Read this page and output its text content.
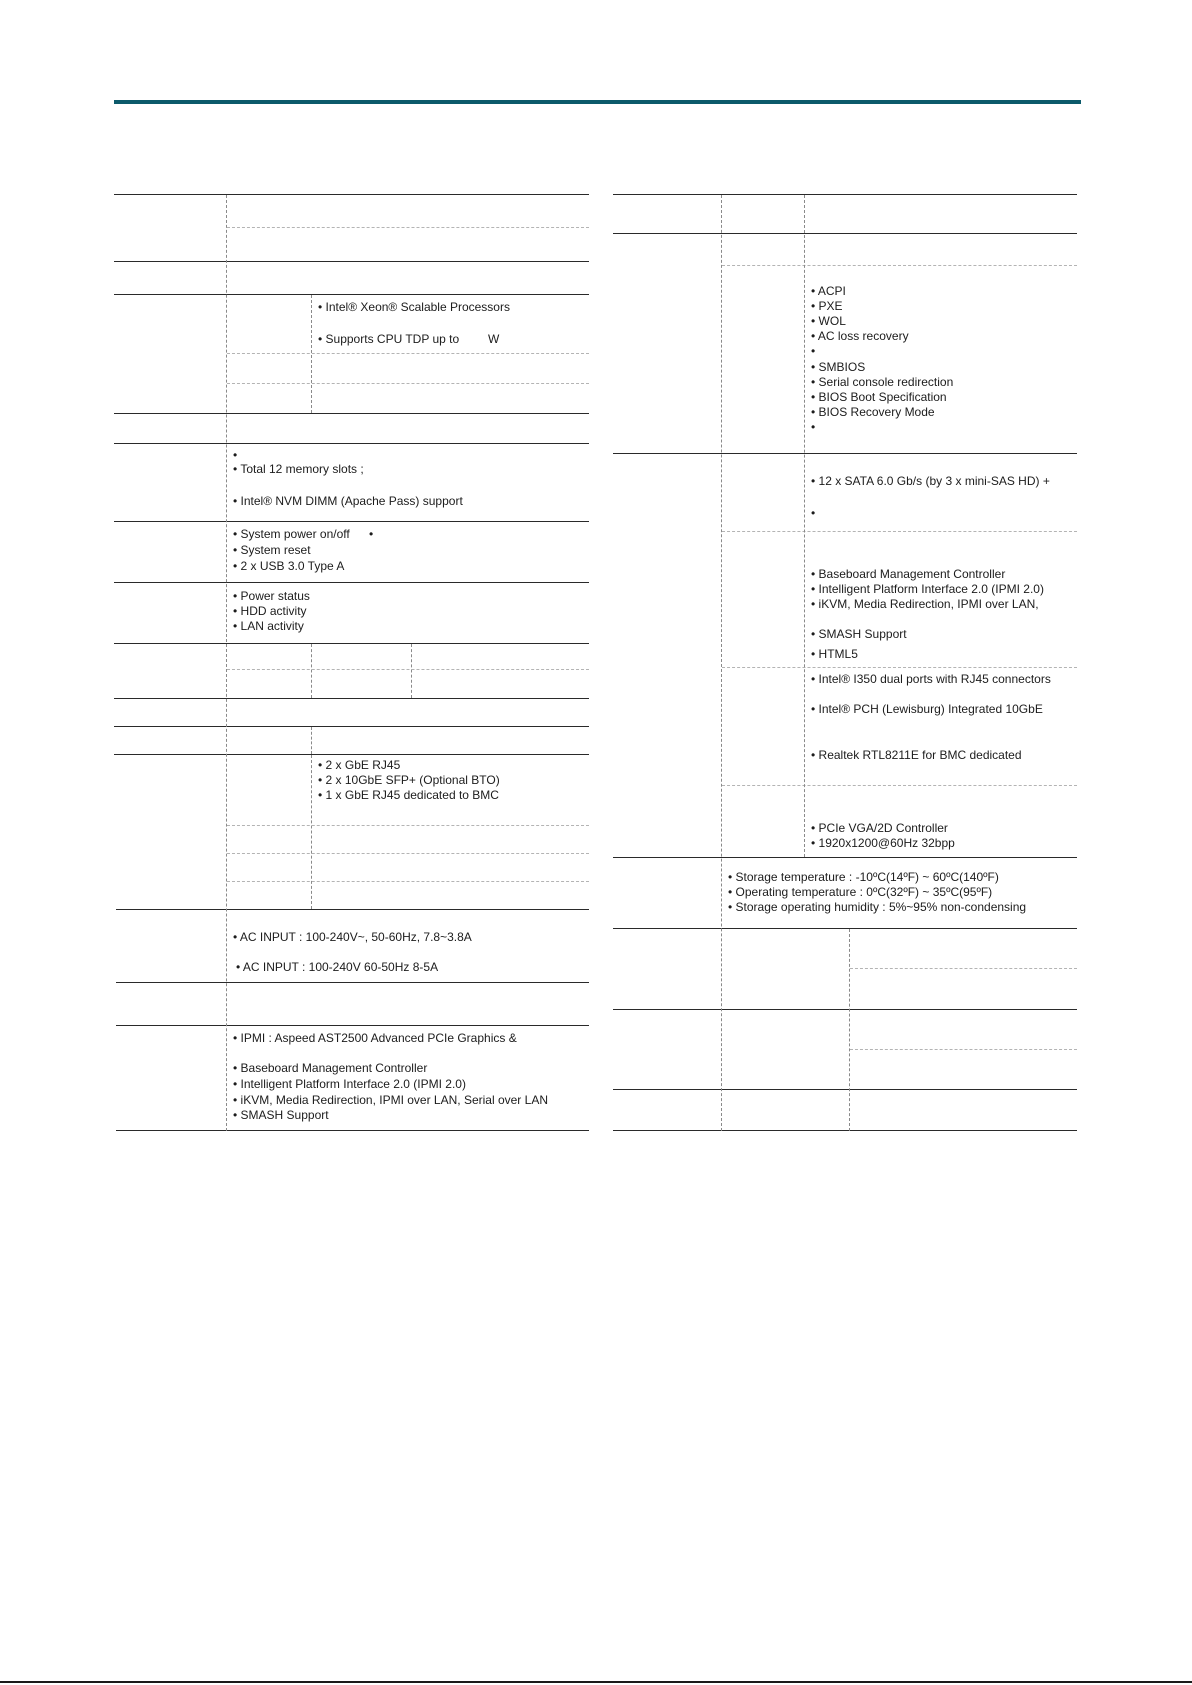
• Intel® Xeon® Scalable Processors
• Supports CPU TDP up to W
•
• Total 12 memory slots ;
• Intel® NVM DIMM (Apache Pass) support
• System power on/off •
• System reset
• 2 x USB 3.0 Type A
• Power status
• HDD activity
• LAN activity
• 2 x GbE RJ45
• 2 x 10GbE SFP+ (Optional BTO)
• 1 x GbE RJ45 dedicated to BMC
• AC INPUT : 100-240V~, 50-60Hz, 7.8~3.8A
• AC INPUT : 100-240V 60-50Hz 8-5A
• IPMI : Aspeed AST2500 Advanced PCIe Graphics &
• Baseboard Management Controller
• Intelligent Platform Interface 2.0 (IPMI 2.0)
• iKVM, Media Redirection, IPMI over LAN, Serial over LAN
• SMASH Support
• ACPI
• PXE
• WOL
• AC loss recovery
•
• SMBIOS
• Serial console redirection
• BIOS Boot Specification
• BIOS Recovery Mode
•
• 12 x SATA 6.0 Gb/s (by 3 x mini-SAS HD) +
•
• Baseboard Management Controller
• Intelligent Platform Interface 2.0 (IPMI 2.0)
• iKVM, Media Redirection, IPMI over LAN,
• SMASH Support
• HTML5
• Intel® I350 dual ports with RJ45 connectors
• Intel® PCH (Lewisburg) Integrated 10GbE
• Realtek RTL8211E for BMC dedicated
• PCIe VGA/2D Controller
• 1920x1200@60Hz 32bpp
• Storage temperature : -10ºC(14ºF) ~ 60ºC(140ºF)
• Operating temperature : 0ºC(32ºF) ~ 35ºC(95ºF)
• Storage operating humidity : 5%~95% non-condensing
